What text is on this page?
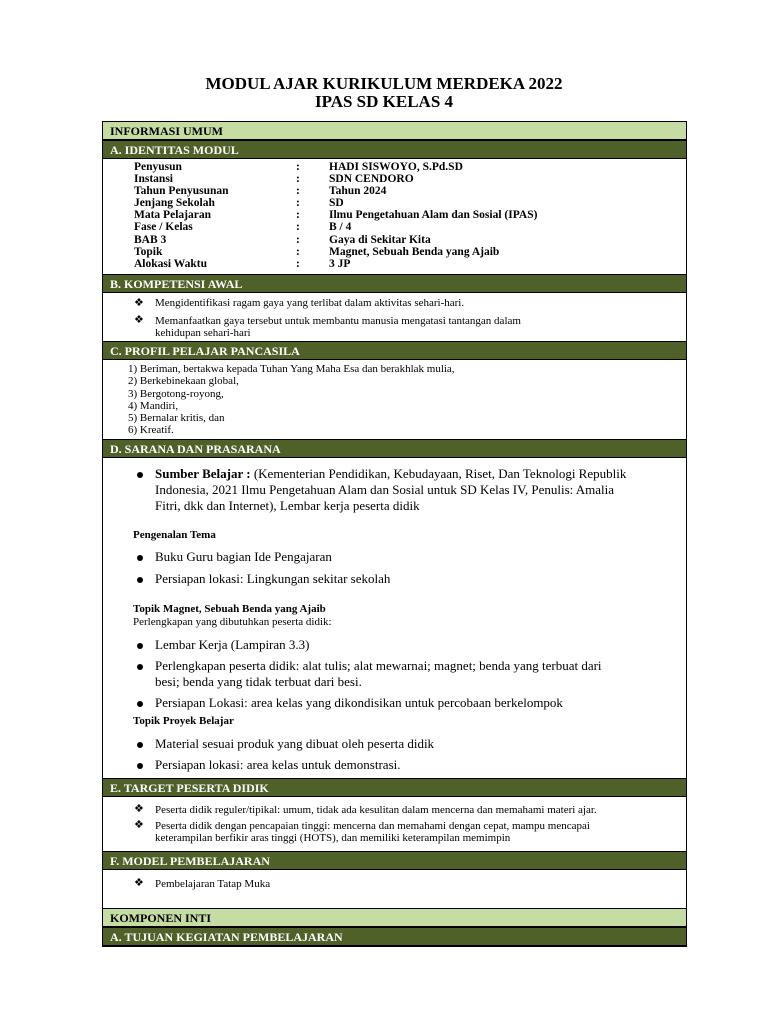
MODUL AJAR KURIKULUM MERDEKA 2022
IPAS SD KELAS 4
INFORMASI UMUM
A. IDENTITAS MODUL
Penyusun	:	HADI SISWOYO, S.Pd.SD
Instansi	:	SDN CENDORO
Tahun Penyusunan	:	Tahun 2024
Jenjang Sekolah	:	SD
Mata Pelajaran	:	Ilmu Pengetahuan Alam dan Sosial (IPAS)
Fase / Kelas	:	B / 4
BAB 3	:	Gaya di Sekitar Kita
Topik	:	Magnet, Sebuah Benda yang Ajaib
Alokasi Waktu	:	3 JP
B. KOMPETENSI AWAL
❖ Mengidentifikasi ragam gaya yang terlibat dalam aktivitas sehari-hari.
❖ Memanfaatkan gaya tersebut untuk membantu manusia mengatasi tantangan dalam
kehidupan sehari-hari
C. PROFIL PELAJAR PANCASILA
1) Beriman, bertakwa kepada Tuhan Yang Maha Esa dan berakhlak mulia,
2) Berkebinekaan global,
3) Bergotong-royong,
4) Mandiri,
5) Bernalar kritis, dan
6) Kreatif.
D. SARANA DAN PRASARANA
Sumber Belajar : (Kementerian Pendidikan, Kebudayaan, Riset, Dan Teknologi Republik
Indonesia, 2021 Ilmu Pengetahuan Alam dan Sosial untuk SD Kelas IV, Penulis: Amalia
Fitri, dkk dan Internet), Lembar kerja peserta didik
Pengenalan Tema
Buku Guru bagian Ide Pengajaran
Persiapan lokasi: Lingkungan sekitar sekolah
Topik Magnet, Sebuah Benda yang Ajaib
Perlengkapan yang dibutuhkan peserta didik:
Lembar Kerja (Lampiran 3.3)
Perlengkapan peserta didik: alat tulis; alat mewarnai; magnet; benda yang terbuat dari
besi; benda yang tidak terbuat dari besi.
Persiapan Lokasi: area kelas yang dikondisikan untuk percobaan berkelompok
Topik Proyek Belajar
Material sesuai produk yang dibuat oleh peserta didik
Persiapan lokasi: area kelas untuk demonstrasi.
E. TARGET PESERTA DIDIK
❖ Peserta didik reguler/tipikal: umum, tidak ada kesulitan dalam mencerna dan memahami materi ajar.
❖ Peserta didik dengan pencapaian tinggi: mencerna dan memahami dengan cepat, mampu mencapai
keterampilan berfikir aras tinggi (HOTS), dan memiliki keterampilan memimpin
F. MODEL PEMBELAJARAN
❖ Pembelajaran Tatap Muka
KOMPONEN INTI
A. TUJUAN KEGIATAN PEMBELAJARAN
